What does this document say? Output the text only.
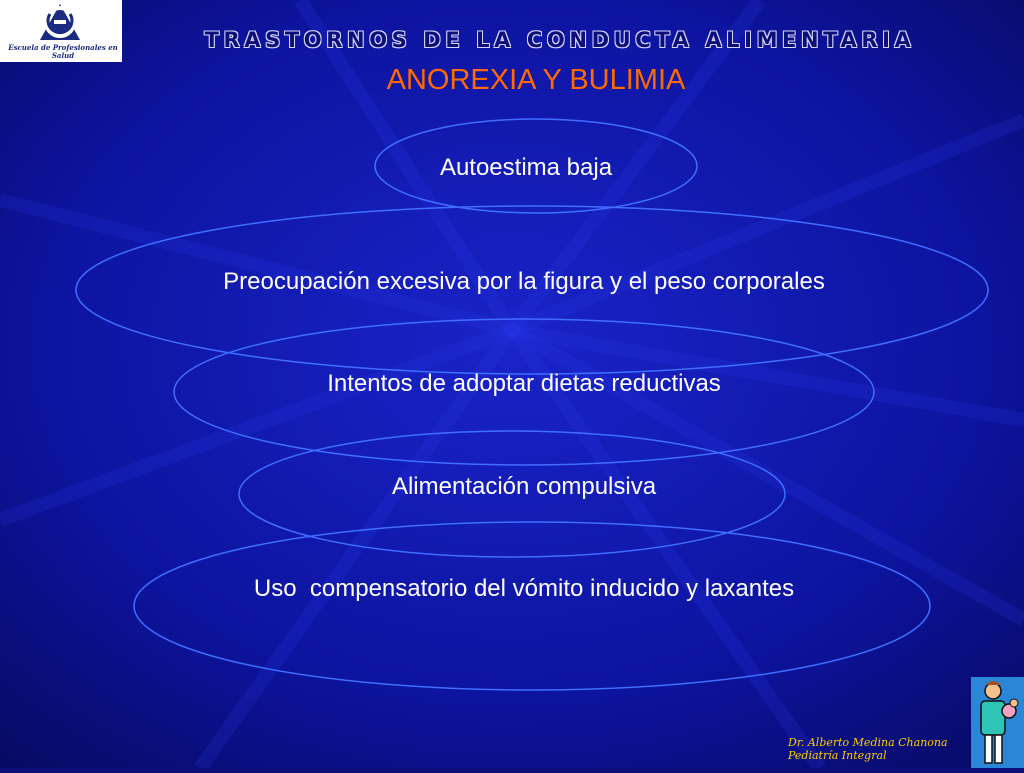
Escuela de Profesionales en Salud
TRASTORNOS DE LA CONDUCTA ALIMENTARIA
ANOREXIA Y BULIMIA
Autoestima baja
Preocupación excesiva por la figura y el peso corporales
Intentos de adoptar dietas reductivas
Alimentación compulsiva
Uso  compensatorio del vómito inducido y laxantes
Dr. Alberto Medina Chanona
Pediatría Integral
